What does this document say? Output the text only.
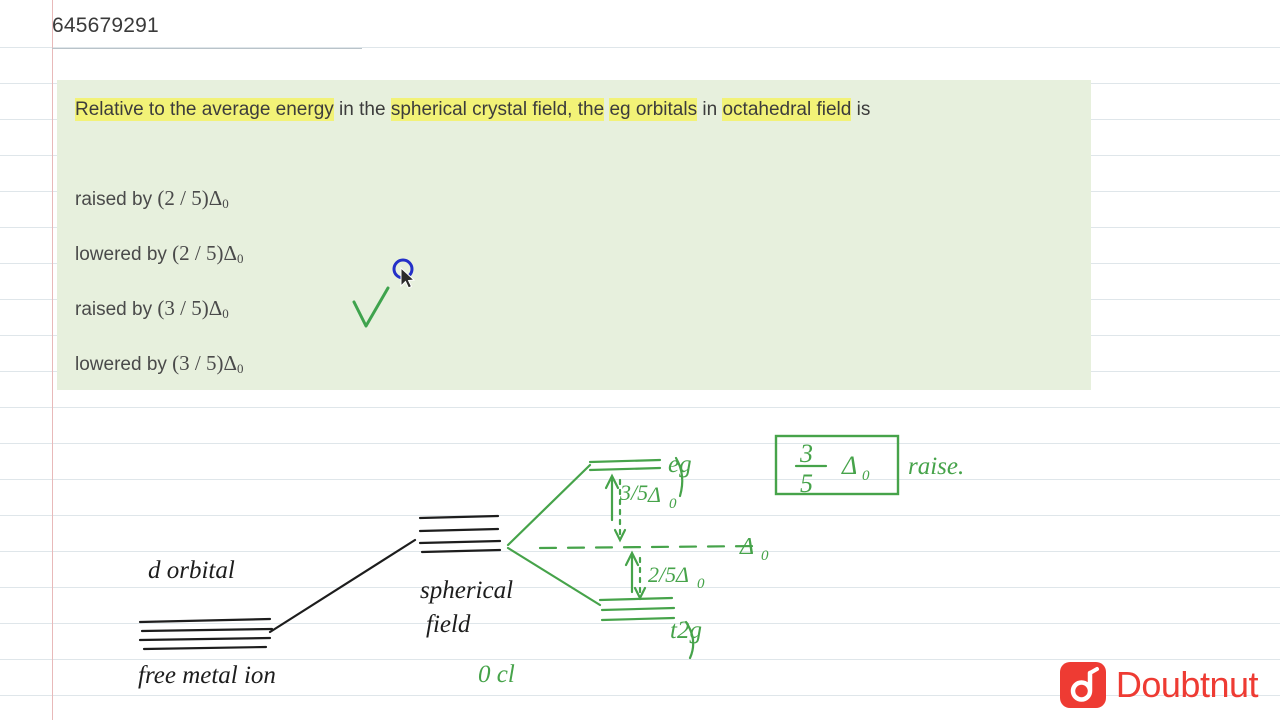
645679291
Relative to the average energy in the spherical crystal field, the eg orbitals in octahedral field is
raised by $(2 / 5)\Delta_0$
lowered by $(2 / 5)\Delta_0$
raised by $(3 / 5)\Delta_0$
lowered by $(3 / 5)\Delta_0$
d orbital
free metal ion
spherical
field
eg
t2g
0 cl
3/5 Δ 0
2/5 Δ 0
Δ 0
3
5
Δ 0 raise.
Doubtnut
